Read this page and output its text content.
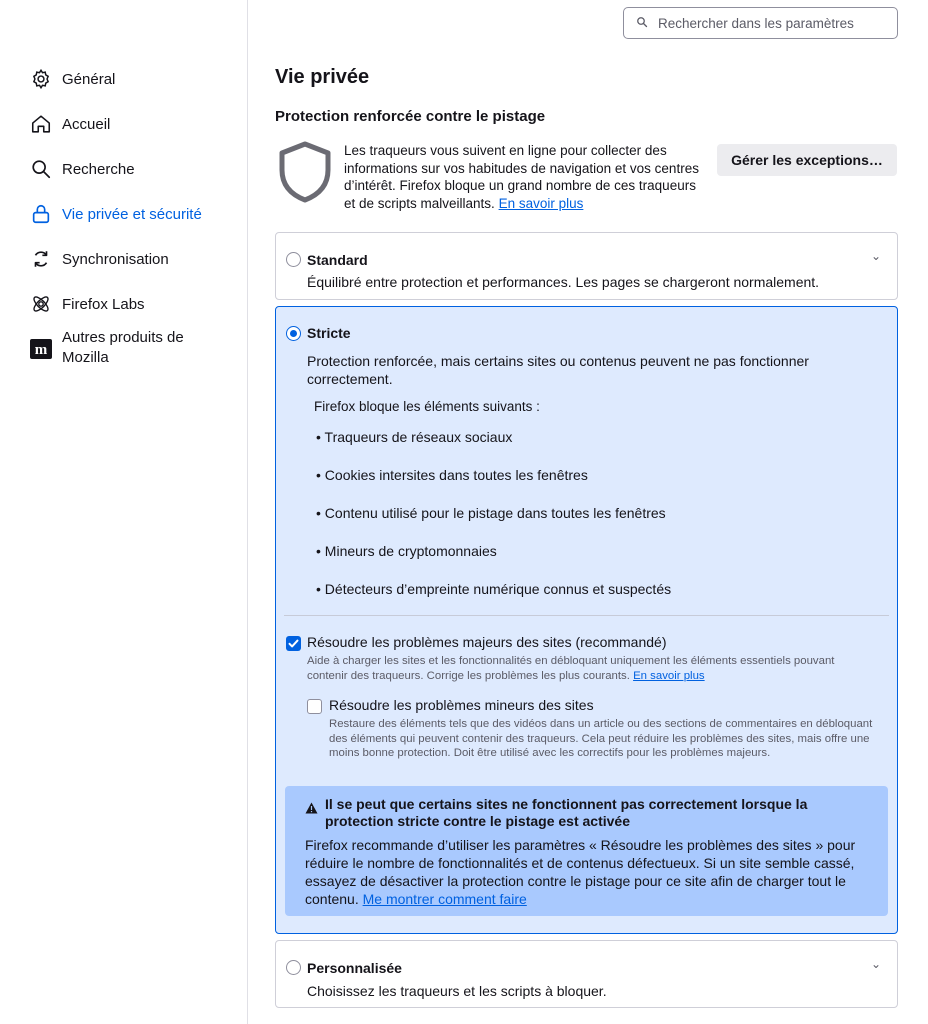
Général
Accueil
Recherche
Vie privée et sécurité
Synchronisation
Firefox Labs
m
Autres produits de Mozilla
Rechercher dans les paramètres
Vie privée
Protection renforcée contre le pistage
Les traqueurs vous suivent en ligne pour collecter des informations sur vos habitudes de navigation et vos centres d’intérêt. Firefox bloque un grand nombre de ces traqueurs et de scripts malveillants. En savoir plus
Gérer les exceptions…
Standard	⌄
Équilibré entre protection et performances. Les pages se chargeront normalement.
Stricte
Protection renforcée, mais certains sites ou contenus peuvent ne pas fonctionner correctement.
Firefox bloque les éléments suivants :
• Traqueurs de réseaux sociaux
• Cookies intersites dans toutes les fenêtres
• Contenu utilisé pour le pistage dans toutes les fenêtres
• Mineurs de cryptomonnaies
• Détecteurs d’empreinte numérique connus et suspectés
Résoudre les problèmes majeurs des sites (recommandé)
Aide à charger les sites et les fonctionnalités en débloquant uniquement les éléments essentiels pouvant contenir des traqueurs. Corrige les problèmes les plus courants. En savoir plus
Résoudre les problèmes mineurs des sites
Restaure des éléments tels que des vidéos dans un article ou des sections de commentaires en débloquant des éléments qui peuvent contenir des traqueurs. Cela peut réduire les problèmes des sites, mais offre une moins bonne protection. Doit être utilisé avec les correctifs pour les problèmes majeurs.
Il se peut que certains sites ne fonctionnent pas correctement lorsque la protection stricte contre le pistage est activée
Firefox recommande d’utiliser les paramètres « Résoudre les problèmes des sites » pour réduire le nombre de fonctionnalités et de contenus défectueux. Si un site semble cassé, essayez de désactiver la protection contre le pistage pour ce site afin de charger tout le contenu. Me montrer comment faire
Personnalisée	⌄
Choisissez les traqueurs et les scripts à bloquer.
